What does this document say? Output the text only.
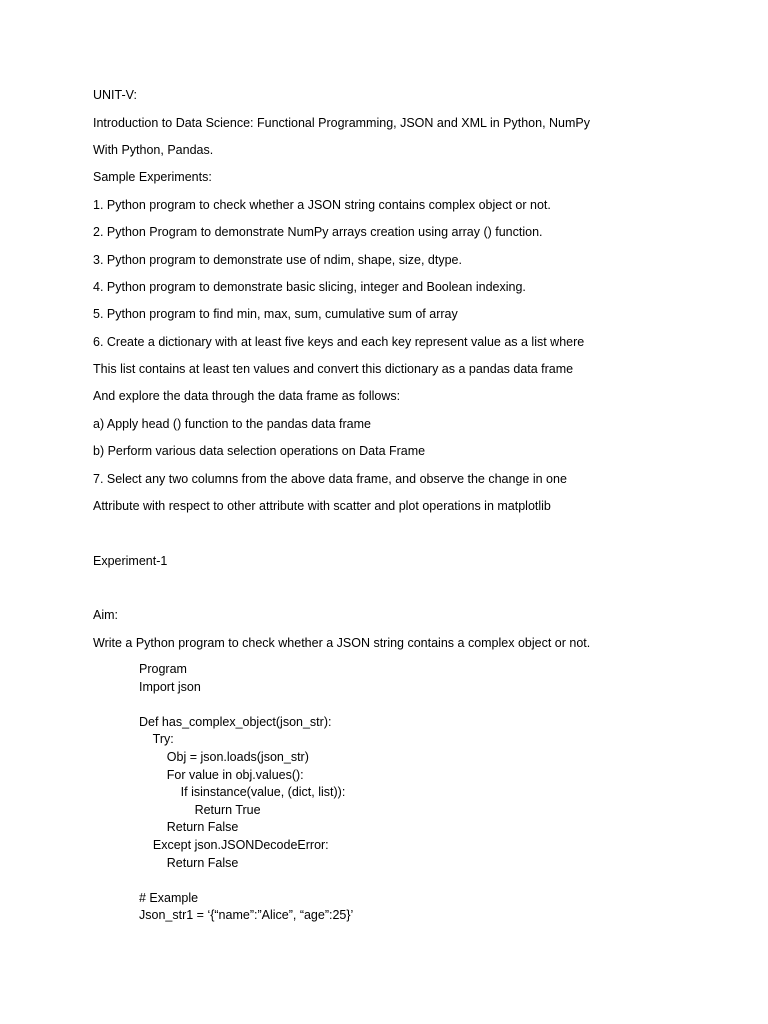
UNIT-V:
Introduction to Data Science: Functional Programming, JSON and XML in Python, NumPy
With Python, Pandas.
Sample Experiments:
1. Python program to check whether a JSON string contains complex object or not.
2. Python Program to demonstrate NumPy arrays creation using array () function.
3. Python program to demonstrate use of ndim, shape, size, dtype.
4. Python program to demonstrate basic slicing, integer and Boolean indexing.
5. Python program to find min, max, sum, cumulative sum of array
6. Create a dictionary with at least five keys and each key represent value as a list where
This list contains at least ten values and convert this dictionary as a pandas data frame
And explore the data through the data frame as follows:
a) Apply head () function to the pandas data frame
b) Perform various data selection operations on Data Frame
7. Select any two columns from the above data frame, and observe the change in one
Attribute with respect to other attribute with scatter and plot operations in matplotlib
Experiment-1
Aim:
Write a Python program to check whether a JSON string contains a complex object or not.
Program
Import json
Def has_complex_object(json_str):
Try:
Obj = json.loads(json_str)
For value in obj.values():
If isinstance(value, (dict, list)):
Return True
Return False
Except json.JSONDecodeError:
Return False
# Example
Json_str1 = ‘{“name”:”Alice”, “age”:25}’
